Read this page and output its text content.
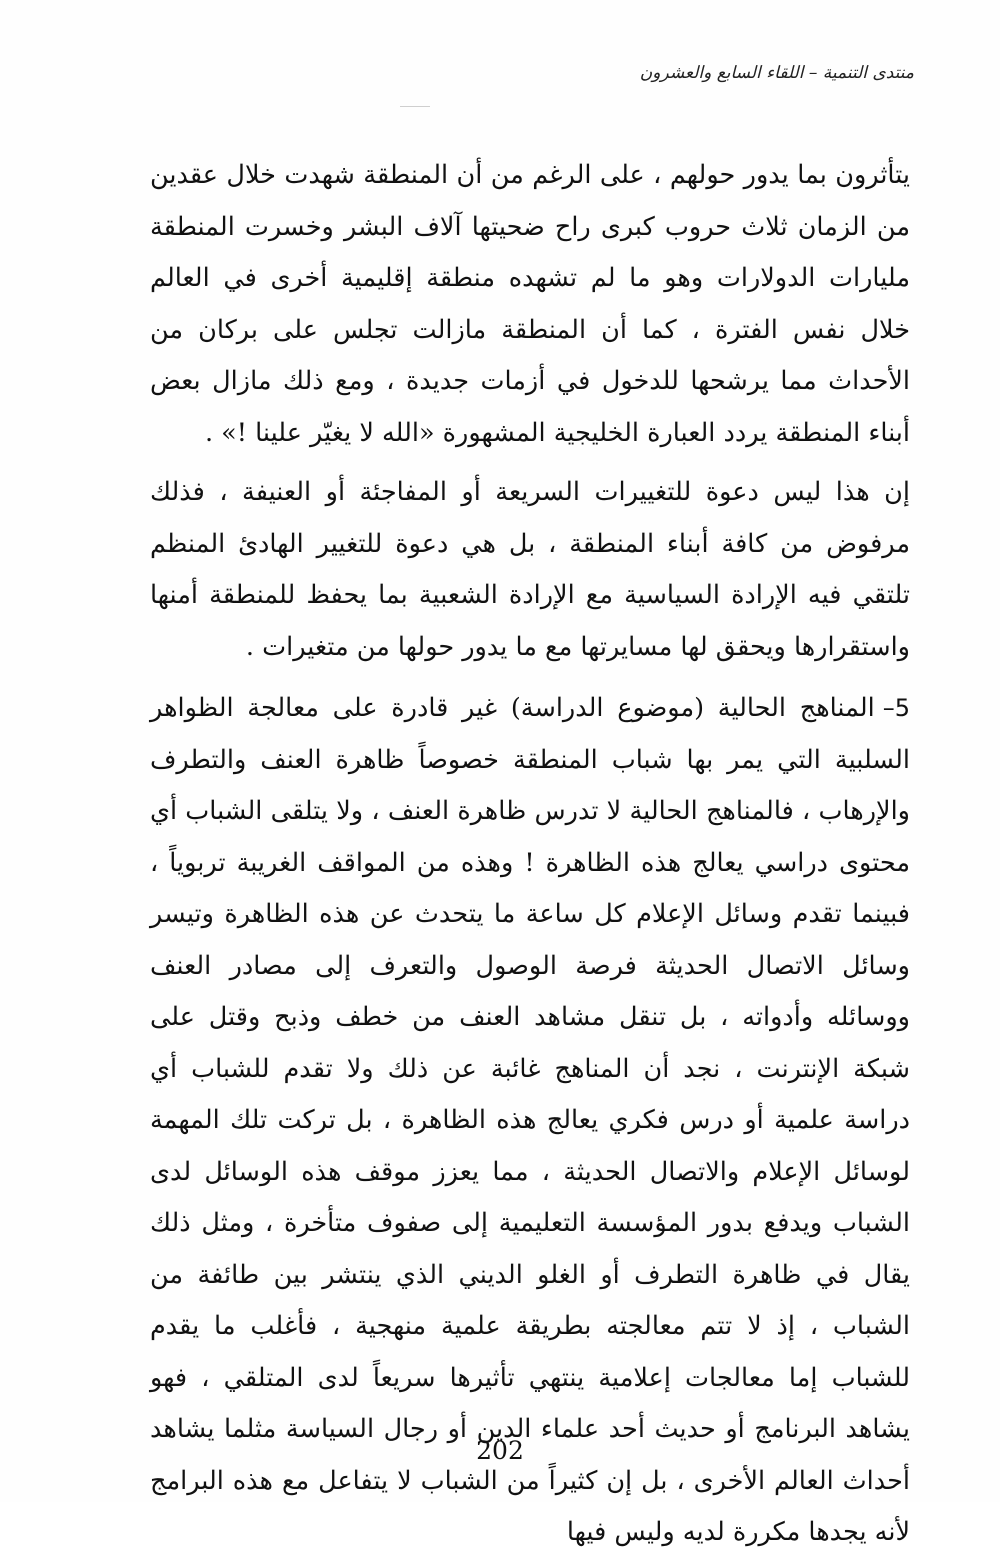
منتدى التنمية – اللقاء السابع والعشرون

يتأثرون بما يدور حولهم ، على الرغم من أن المنطقة شهدت خلال عقدين من الزمان ثلاث حروب كبرى راح ضحيتها آلاف البشر وخسرت المنطقة مليارات الدولارات وهو ما لم تشهده منطقة إقليمية أخرى في العالم خلال نفس الفترة ، كما أن المنطقة مازالت تجلس على بركان من الأحداث مما يرشحها للدخول في أزمات جديدة ، ومع ذلك مازال بعض أبناء المنطقة يردد العبارة الخليجية المشهورة «الله لا يغيّر علينا !» .

إن هذا ليس دعوة للتغييرات السريعة أو المفاجئة أو العنيفة ، فذلك مرفوض من كافة أبناء المنطقة ، بل هي دعوة للتغيير الهادئ المنظم تلتقي فيه الإرادة السياسية مع الإرادة الشعبية بما يحفظ للمنطقة أمنها واستقرارها ويحقق لها مسايرتها مع ما يدور حولها من متغيرات .

5–المناهج الحالية (موضوع الدراسة) غير قادرة على معالجة الظواهر السلبية التي يمر بها شباب المنطقة خصوصاً ظاهرة العنف والتطرف والإرهاب ، فالمناهج الحالية لا تدرس ظاهرة العنف ، ولا يتلقى الشباب أي محتوى دراسي يعالج هذه الظاهرة ! وهذه من المواقف الغريبة تربوياً ، فبينما تقدم وسائل الإعلام كل ساعة ما يتحدث عن هذه الظاهرة وتيسر وسائل الاتصال الحديثة فرصة الوصول والتعرف إلى مصادر العنف ووسائله وأدواته ، بل تنقل مشاهد العنف من خطف وذبح وقتل على شبكة الإنترنت ، نجد أن المناهج غائبة عن ذلك ولا تقدم للشباب أي دراسة علمية أو درس فكري يعالج هذه الظاهرة ، بل تركت تلك المهمة لوسائل الإعلام والاتصال الحديثة ، مما يعزز موقف هذه الوسائل لدى الشباب ويدفع بدور المؤسسة التعليمية إلى صفوف متأخرة ، ومثل ذلك يقال في ظاهرة التطرف أو الغلو الديني الذي ينتشر بين طائفة من الشباب ، إذ لا تتم معالجته بطريقة علمية منهجية ، فأغلب ما يقدم للشباب إما معالجات إعلامية ينتهي تأثيرها سريعاً لدى المتلقي ، فهو يشاهد البرنامج أو حديث أحد علماء الدين أو رجال السياسة مثلما يشاهد أحداث العالم الأخرى ، بل إن كثيراً من الشباب لا يتفاعل مع هذه البرامج لأنه يجدها مكررة لديه وليس فيها

202
